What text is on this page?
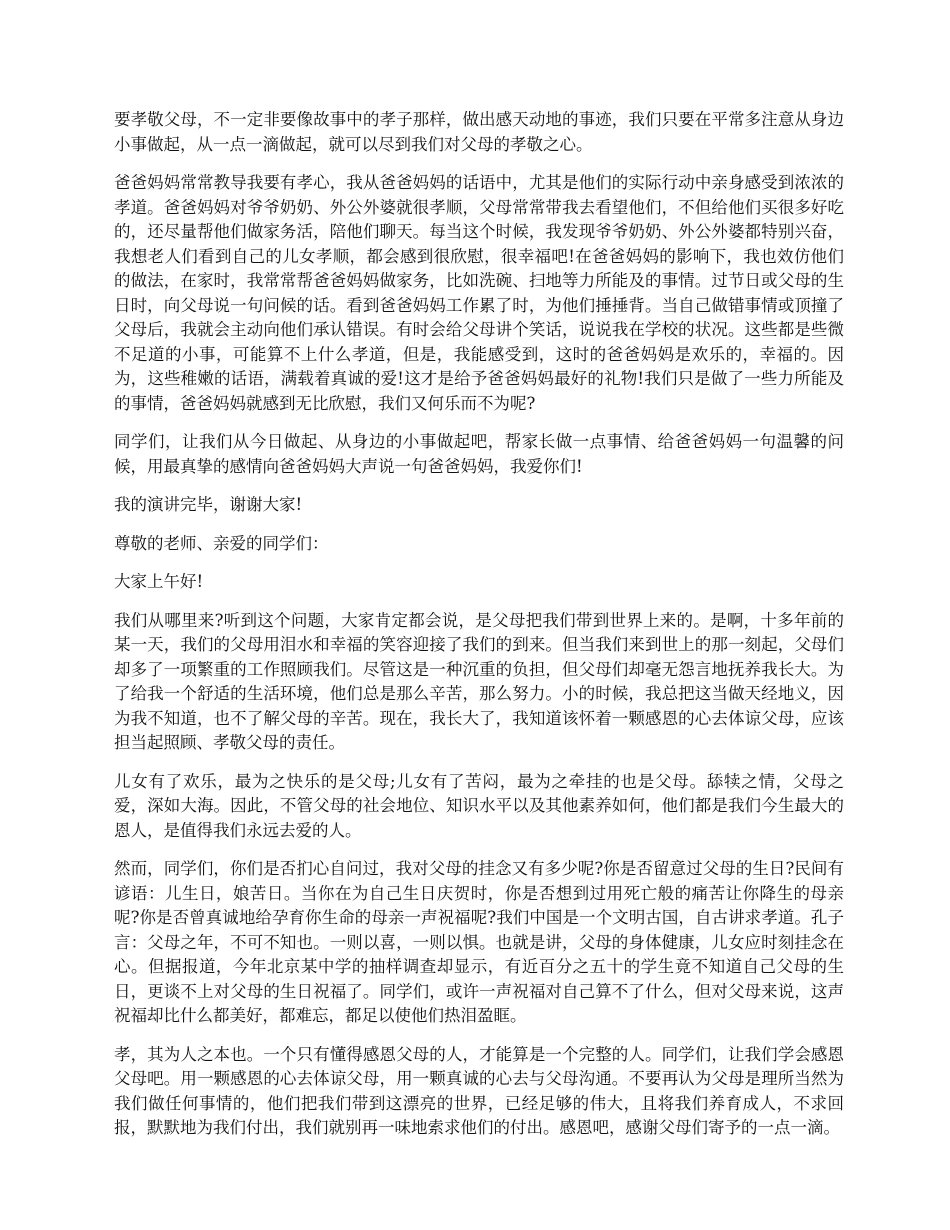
要孝敬父母，不一定非要像故事中的孝子那样，做出感天动地的事迹，我们只要在平常多注意从身边小事做起，从一点一滴做起，就可以尽到我们对父母的孝敬之心。

爸爸妈妈常常教导我要有孝心，我从爸爸妈妈的话语中，尤其是他们的实际行动中亲身感受到浓浓的孝道。爸爸妈妈对爷爷奶奶、外公外婆就很孝顺，父母常常带我去看望他们，不但给他们买很多好吃的，还尽量帮他们做家务活，陪他们聊天。每当这个时候，我发现爷爷奶奶、外公外婆都特别兴奋，我想老人们看到自己的儿女孝顺，都会感到很欣慰，很幸福吧!在爸爸妈妈的影响下，我也效仿他们的做法，在家时，我常常帮爸爸妈妈做家务，比如洗碗、扫地等力所能及的事情。过节日或父母的生日时，向父母说一句问候的话。看到爸爸妈妈工作累了时，为他们捶捶背。当自己做错事情或顶撞了父母后，我就会主动向他们承认错误。有时会给父母讲个笑话，说说我在学校的状况。这些都是些微不足道的小事，可能算不上什么孝道，但是，我能感受到，这时的爸爸妈妈是欢乐的，幸福的。因为，这些稚嫩的话语，满载着真诚的爱!这才是给予爸爸妈妈最好的礼物!我们只是做了一些力所能及的事情，爸爸妈妈就感到无比欣慰，我们又何乐而不为呢?

同学们，让我们从今日做起、从身边的小事做起吧，帮家长做一点事情、给爸爸妈妈一句温馨的问候，用最真挚的感情向爸爸妈妈大声说一句爸爸妈妈，我爱你们!

我的演讲完毕，谢谢大家!

尊敬的老师、亲爱的同学们：

大家上午好!

我们从哪里来?听到这个问题，大家肯定都会说，是父母把我们带到世界上来的。是啊，十多年前的某一天，我们的父母用泪水和幸福的笑容迎接了我们的到来。但当我们来到世上的那一刻起，父母们却多了一项繁重的工作照顾我们。尽管这是一种沉重的负担，但父母们却毫无怨言地抚养我长大。为了给我一个舒适的生活环境，他们总是那么辛苦，那么努力。小的时候，我总把这当做天经地义，因为我不知道，也不了解父母的辛苦。现在，我长大了，我知道该怀着一颗感恩的心去体谅父母，应该担当起照顾、孝敬父母的责任。

儿女有了欢乐，最为之快乐的是父母;儿女有了苦闷，最为之牵挂的也是父母。舔犊之情，父母之爱，深如大海。因此，不管父母的社会地位、知识水平以及其他素养如何，他们都是我们今生最大的恩人，是值得我们永远去爱的人。

然而，同学们，你们是否扪心自问过，我对父母的挂念又有多少呢?你是否留意过父母的生日?民间有谚语：儿生日，娘苦日。当你在为自己生日庆贺时，你是否想到过用死亡般的痛苦让你降生的母亲呢?你是否曾真诚地给孕育你生命的母亲一声祝福呢?我们中国是一个文明古国，自古讲求孝道。孔子言：父母之年，不可不知也。一则以喜，一则以惧。也就是讲，父母的身体健康，儿女应时刻挂念在心。但据报道，今年北京某中学的抽样调查却显示，有近百分之五十的学生竟不知道自己父母的生日，更谈不上对父母的生日祝福了。同学们，或许一声祝福对自己算不了什么，但对父母来说，这声祝福却比什么都美好，都难忘，都足以使他们热泪盈眶。

孝，其为人之本也。一个只有懂得感恩父母的人，才能算是一个完整的人。同学们，让我们学会感恩父母吧。用一颗感恩的心去体谅父母，用一颗真诚的心去与父母沟通。不要再认为父母是理所当然为我们做任何事情的，他们把我们带到这漂亮的世界，已经足够的伟大，且将我们养育成人，不求回报，默默地为我们付出，我们就别再一味地索求他们的付出。感恩吧，感谢父母们寄予的一点一滴。
